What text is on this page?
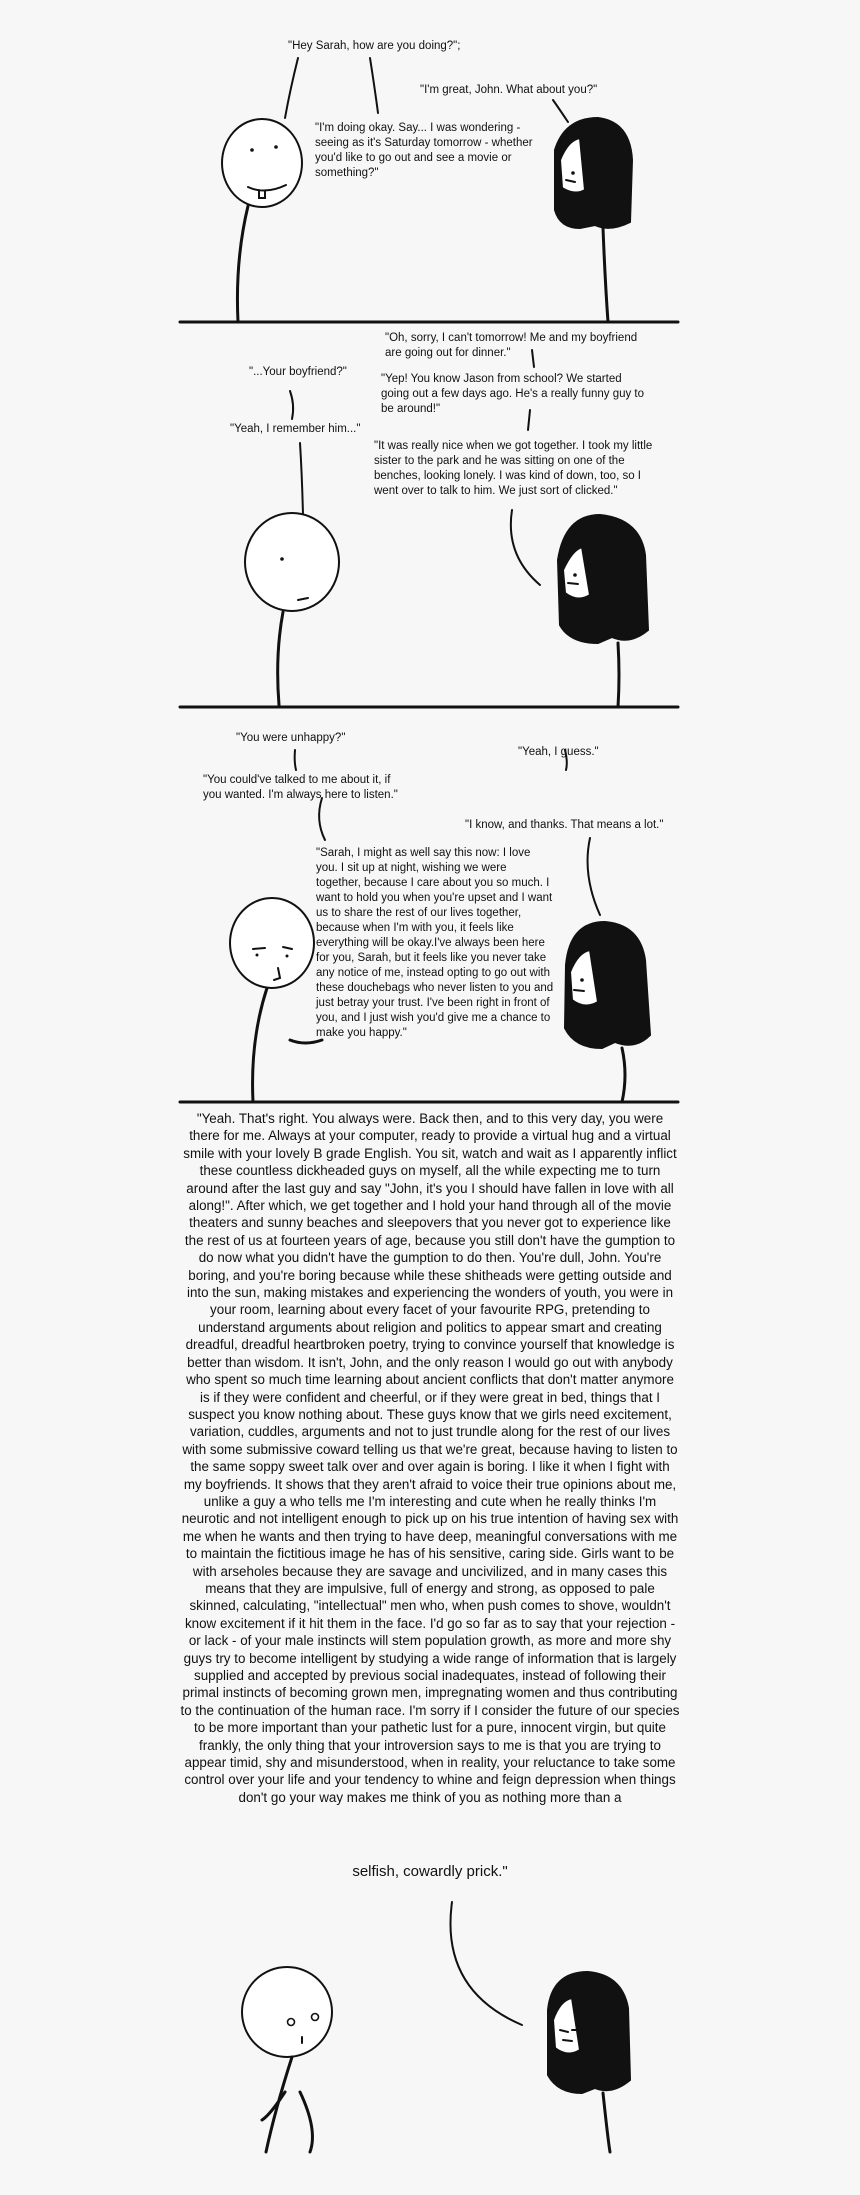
"Hey Sarah, how are you doing?";

"I'm great, John. What about you?"

"I'm doing okay. Say... I was wondering - seeing as it's Saturday tomorrow - whether you'd like to go out and see a movie or something?"

"Oh, sorry, I can't tomorrow! Me and my boyfriend are going out for dinner."

"...Your boyfriend?"

"Yep! You know Jason from school? We started going out a few days ago. He's a really funny guy to be around!"

"Yeah, I remember him..."

"It was really nice when we got together. I took my little sister to the park and he was sitting on one of the benches, looking lonely. I was kind of down, too, so I went over to talk to him. We just sort of clicked."

"You were unhappy?"

"Yeah, I guess."

"You could've talked to me about it, if you wanted. I'm always here to listen."

"I know, and thanks. That means a lot."

"Sarah, I might as well say this now: I love you. I sit up at night, wishing we were together, because I care about you so much. I want to hold you when you're upset and I want us to share the rest of our lives together, because when I'm with you, it feels like everything will be okay.I've always been here for you, Sarah, but it feels like you never take any notice of me, instead opting to go out with these douchebags who never listen to you and just betray your trust. I've been right in front of you, and I just wish you'd give me a chance to make you happy."

"Yeah. That's right. You always were. Back then, and to this very day, you were there for me. Always at your computer, ready to provide a virtual hug and a virtual smile with your lovely B grade English. You sit, watch and wait as I apparently inflict these countless dickheaded guys on myself, all the while expecting me to turn around after the last guy and say "John, it's you I should have fallen in love with all along!". After which, we get together and I hold your hand through all of the movie theaters and sunny beaches and sleepovers that you never got to experience like the rest of us at fourteen years of age, because you still don't have the gumption to do now what you didn't have the gumption to do then. You're dull, John. You're boring, and you're boring because while these shitheads were getting outside and into the sun, making mistakes and experiencing the wonders of youth, you were in your room, learning about every facet of your favourite RPG, pretending to understand arguments about religion and politics to appear smart and creating dreadful, dreadful heartbroken poetry, trying to convince yourself that knowledge is better than wisdom. It isn't, John, and the only reason I would go out with anybody who spent so much time learning about ancient conflicts that don't matter anymore is if they were confident and cheerful, or if they were great in bed, things that I suspect you know nothing about. These guys know that we girls need excitement, variation, cuddles, arguments and not to just trundle along for the rest of our lives with some submissive coward telling us that we're great, because having to listen to the same soppy sweet talk over and over again is boring. I like it when I fight with my boyfriends. It shows that they aren't afraid to voice their true opinions about me, unlike a guy a who tells me I'm interesting and cute when he really thinks I'm neurotic and not intelligent enough to pick up on his true intention of having sex with me when he wants and then trying to have deep, meaningful conversations with me to maintain the fictitious image he has of his sensitive, caring side. Girls want to be with arseholes because they are savage and uncivilized, and in many cases this means that they are impulsive, full of energy and strong, as opposed to pale skinned, calculating, "intellectual" men who, when push comes to shove, wouldn't know excitement if it hit them in the face. I'd go so far as to say that your rejection - or lack - of your male instincts will stem population growth, as more and more shy guys try to become intelligent by studying a wide range of information that is largely supplied and accepted by previous social inadequates, instead of following their primal instincts of becoming grown men, impregnating women and thus contributing to the continuation of the human race. I'm sorry if I consider the future of our species to be more important than your pathetic lust for a pure, innocent virgin, but quite frankly, the only thing that your introversion says to me is that you are trying to appear timid, shy and misunderstood, when in reality, your reluctance to take some control over your life and your tendency to whine and feign depression when things don't go your way makes me think of you as nothing more than a

selfish, cowardly prick."
